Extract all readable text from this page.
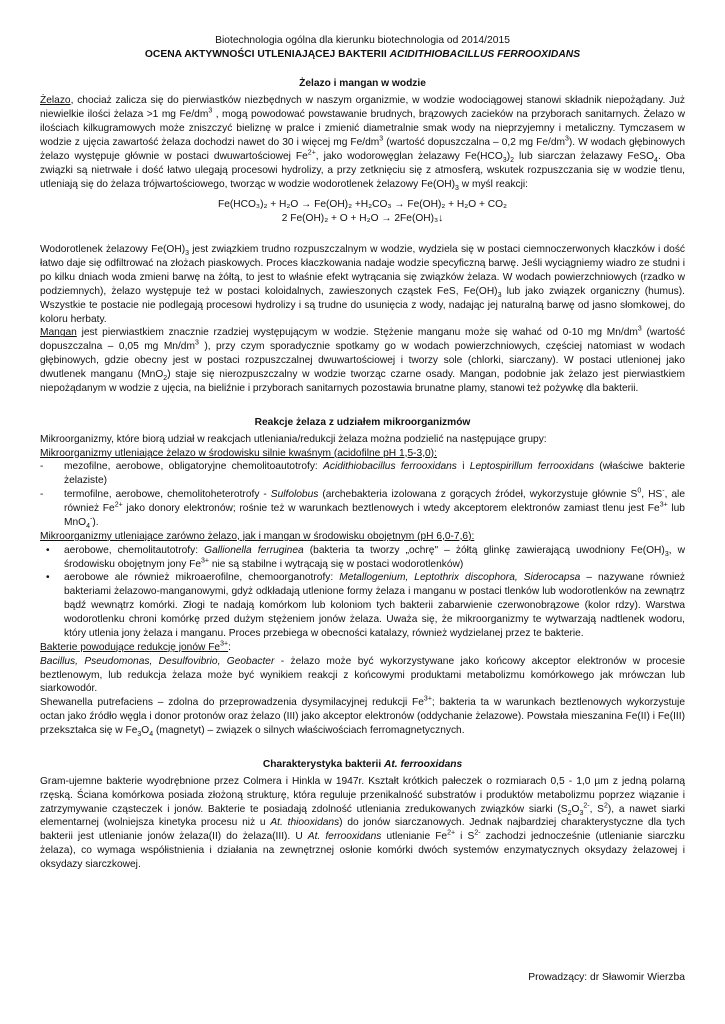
Biotechnologia ogólna dla kierunku biotechnologia od 2014/2015
OCENA AKTYWNOŚCI UTLENIAJĄCEJ BAKTERII ACIDITHIOBACILLUS FERROOXIDANS
Żelazo i mangan w wodzie

Żelazo, chociaż zalicza się do pierwiastków niezbędnych w naszym organizmie, w wodzie wodociągowej stanowi składnik niepożądany. Już niewielkie ilości żelaza >1 mg $Fe/dm^3$ , mogą powodować powstawanie brudnych, brązowych zacieków na przyborach sanitarnych. Żelazo w ilościach kilkugramowych może zniszczyć bieliznę w pralce i zmienić diametralnie smak wody na nieprzyjemny i metaliczny. Tymczasem w wodzie z ujęcia zawartość żelaza dochodzi nawet do 30 i więcej mg $Fe/dm^3$ (wartość dopuszczalna – 0,2 mg $Fe/dm^3$). W wodach głębinowych żelazo występuje głównie w postaci dwuwartościowej $Fe^{2+}$, jako wodorowęglan żelazawy $Fe(HCO_3)_2$ lub siarczan żelazawy FeSO$_4$. Oba związki są nietrwałe i dość łatwo ulegają procesowi hydrolizy, a przy zetknięciu się z atmosferą, wskutek rozpuszczania się w wodzie tlenu, utleniają się do żelaza trójwartościowego, tworząc w wodzie wodorotlenek żelazowy $Fe(OH)_3$ w myśl reakcji:

Fe(HCO₃)₂ + H₂O → Fe(OH)₂ +H₂CO₃ → Fe(OH)₂ + H₂O + CO₂
2 Fe(OH)₂ + O + H₂O → 2Fe(OH)₃↓

Wodorotlenek żelazowy $Fe(OH)_3$ jest związkiem trudno rozpuszczalnym w wodzie, wydziela się w postaci ciemnoczerwonych kłaczków i dość łatwo daje się odfiltrować na złożach piaskowych. Proces kłaczkowania nadaje wodzie specyficzną barwę. Jeśli wyciągniemy wiadro ze studni i po kilku dniach woda zmieni barwę na żółtą, to jest to właśnie efekt wytrącania się związków żelaza. W wodach powierzchniowych (rzadko w podziemnych), żelazo występuje też w postaci koloidalnych, zawieszonych cząstek FeS, $Fe(OH)_3$ lub jako związek organiczny (humus). Wszystkie te postacie nie podlegają procesowi hydrolizy i są trudne do usunięcia z wody, nadając jej naturalną barwę od jasno słomkowej, do koloru herbaty.

Mangan jest pierwiastkiem znacznie rzadziej występującym w wodzie. Stężenie manganu może się wahać od 0-10 mg $Mn/dm^3$ (wartość dopuszczalna – 0,05 mg $Mn/dm^3$ ), przy czym sporadycznie spotkamy go w wodach powierzchniowych, częściej natomiast w wodach głębinowych, gdzie obecny jest w postaci rozpuszczalnej dwuwartościowej i tworzy sole (chlorki, siarczany). W postaci utlenionej jako dwutlenek manganu (MnO$_2$) staje się nierozpuszczalny w wodzie tworząc czarne osady. Mangan, podobnie jak żelazo jest pierwiastkiem niepożądanym w wodzie z ujęcia, na bieliźnie i przyborach sanitarnych pozostawia brunatne plamy, stanowi też pożywkę dla bakterii.

Reakcje żelaza z udziałem mikroorganizmów

Mikroorganizmy, które biorą udział w reakcjach utleniania/redukcji żelaza można podzielić na następujące grupy:

Mikroorganizmy utleniające żelazo w środowisku silnie kwaśnym (acidofilne pH 1,5-3,0):

- mezofilne, aerobowe, obligatoryjne chemolitoautotrofy: Acidithiobacillus ferrooxidans i Leptospirillum ferrooxidans (właściwe bakterie żelaziste)
- termofilne, aerobowe, chemolitoheterotrofy - Sulfolobus (archebakteria izolowana z gorących źródeł, wykorzystuje głównie $S^0$, HS-, ale również $Fe^{2+}$ jako donory elektronów; rośnie też w warunkach beztlenowych i wtedy akceptorem elektronów zamiast tlenu jest $Fe^{3+}$ lub MnO$_4$-).

Mikroorganizmy utleniające zarówno żelazo, jak i mangan w środowisku obojętnym (pH 6,0-7,6):

• aerobowe, chemolitautotrofy: Gallionella ferruginea (bakteria ta tworzy „ochrę" – żółtą glinkę zawierającą uwodniony $Fe(OH)_3$, w środowisku obojętnym jony $Fe^{3+}$ nie są stabilne i wytrącają się w postaci wodorotlenków)
• aerobowe ale również mikroaerofilne, chemoorganotrofy: Metallogenium, Leptothrix discophora, Siderocapsa – nazywane również bakteriami żelazowo-manganowymi, gdyż odkładają utlenione formy żelaza i manganu w postaci tlenków lub wodorotlenków na zewnątrz bądź wewnątrz komórki. Złogi te nadają komórkom lub koloniom tych bakterii zabarwienie czerwonobrązowe (kolor rdzy). Warstwa wodorotlenku chroni komórkę przed dużym stężeniem jonów żelaza. Uważa się, że mikroorganizmy te wytwarzają nadtlenek wodoru, który utlenia jony żelaza i manganu. Proces przebiega w obecności katalazy, również wydzielanej przez te bakterie.

Bakterie powodujące redukcję jonów $Fe^{3+}$:

Bacillus, Pseudomonas, Desulfovibrio, Geobacter - żelazo może być wykorzystywane jako końcowy akceptor elektronów w procesie beztlenowym, lub redukcja żelaza może być wynikiem reakcji z końcowymi produktami metabolizmu komórkowego jak mrówczan lub siarkowodór.

Shewanella putrefaciens – zdolna do przeprowadzenia dysymilacyjnej redukcji $Fe^{3+}$; bakteria ta w warunkach beztlenowych wykorzystuje octan jako źródło węgla i donor protonów oraz żelazo (III) jako akceptor elektronów (oddychanie żelazowe). Powstała mieszanina Fe(II) i Fe(III) przekształca się w $Fe_3O_4$ (magnetyt) – związek o silnych właściwościach ferromagnetycznych.

Charakterystyka bakterii At. ferrooxidans

Gram-ujemne bakterie wyodrębnione przez Colmera i Hinkla w 1947r. Kształt krótkich pałeczek o rozmiarach 0,5 - 1,0 µm z jedną polarną rzęską. Ściana komórkowa posiada złożoną strukturę, która reguluje przenikalność substratów i produktów metabolizmu poprzez wiązanie i zatrzymywanie cząsteczek i jonów. Bakterie te posiadają zdolność utleniania zredukowanych związków siarki ($S_2O_3^{2-}$, $S^2$), a nawet siarki elementarnej (wolniejsza kinetyka procesu niż u At. thiooxidans) do jonów siarczanowych. Jednak najbardziej charakterystyczne dla tych bakterii jest utlenianie jonów żelaza(II) do żelaza(III). U At. ferrooxidans utlenianie $Fe^{2+}$ i $S^{2-}$ zachodzi jednocześnie (utlenianie siarczku żelaza), co wymaga współistnienia i działania na zewnętrznej osłonie komórki dwóch systemów enzymatycznych oksydazy żelazowej i oksydazy siarczkowej.

Prowadzący: dr Sławomir Wierzba
